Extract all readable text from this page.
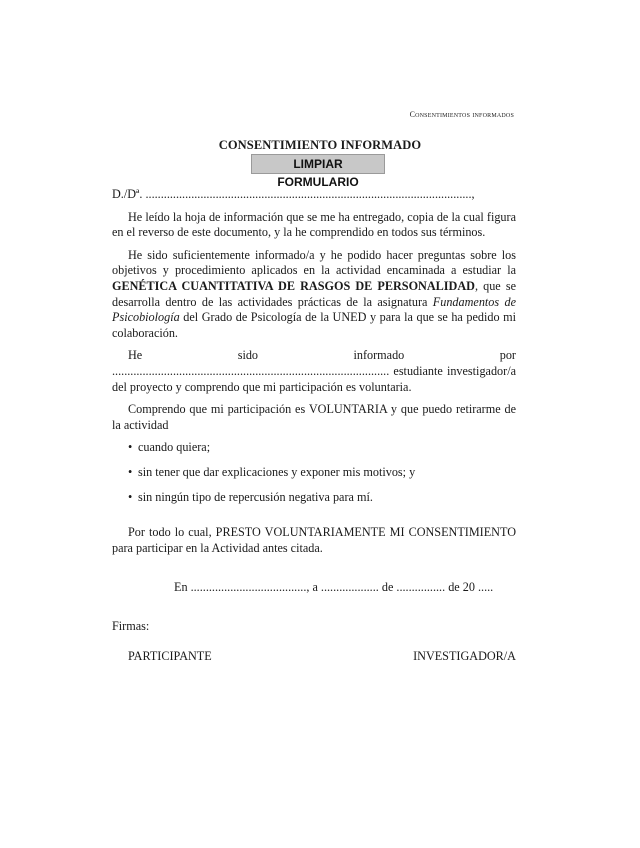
Consentimientos informados
CONSENTIMIENTO INFORMADO
LIMPIAR FORMULARIO
D./Dª. ...........................................................................................................,

He leído la hoja de información que se me ha entregado, copia de la cual figura en el reverso de este documento, y la he comprendido en todos sus términos.

He sido suficientemente informado/a y he podido hacer preguntas sobre los objetivos y procedimiento aplicados en la actividad encaminada a estudiar la GENÉTICA CUANTITATIVA DE RASGOS DE PERSONALIDAD, que se desarrolla dentro de las actividades prácticas de la asignatura Fundamentos de Psicobiología del Grado de Psicología de la UNED y para la que se ha pedido mi colaboración.

He sido informado por ........................................................................................... estudiante investigador/a del proyecto y comprendo que mi participación es voluntaria.

Comprendo que mi participación es VOLUNTARIA y que puedo retirarme de la actividad

• cuando quiera;
• sin tener que dar explicaciones y exponer mis motivos; y
• sin ningún tipo de repercusión negativa para mí.

Por todo lo cual, PRESTO VOLUNTARIAMENTE MI CONSENTIMIENTO para participar en la Actividad antes citada.

En ......................................, a ................... de ................ de 20 .....
Firmas:
PARTICIPANTE	INVESTIGADOR/A
